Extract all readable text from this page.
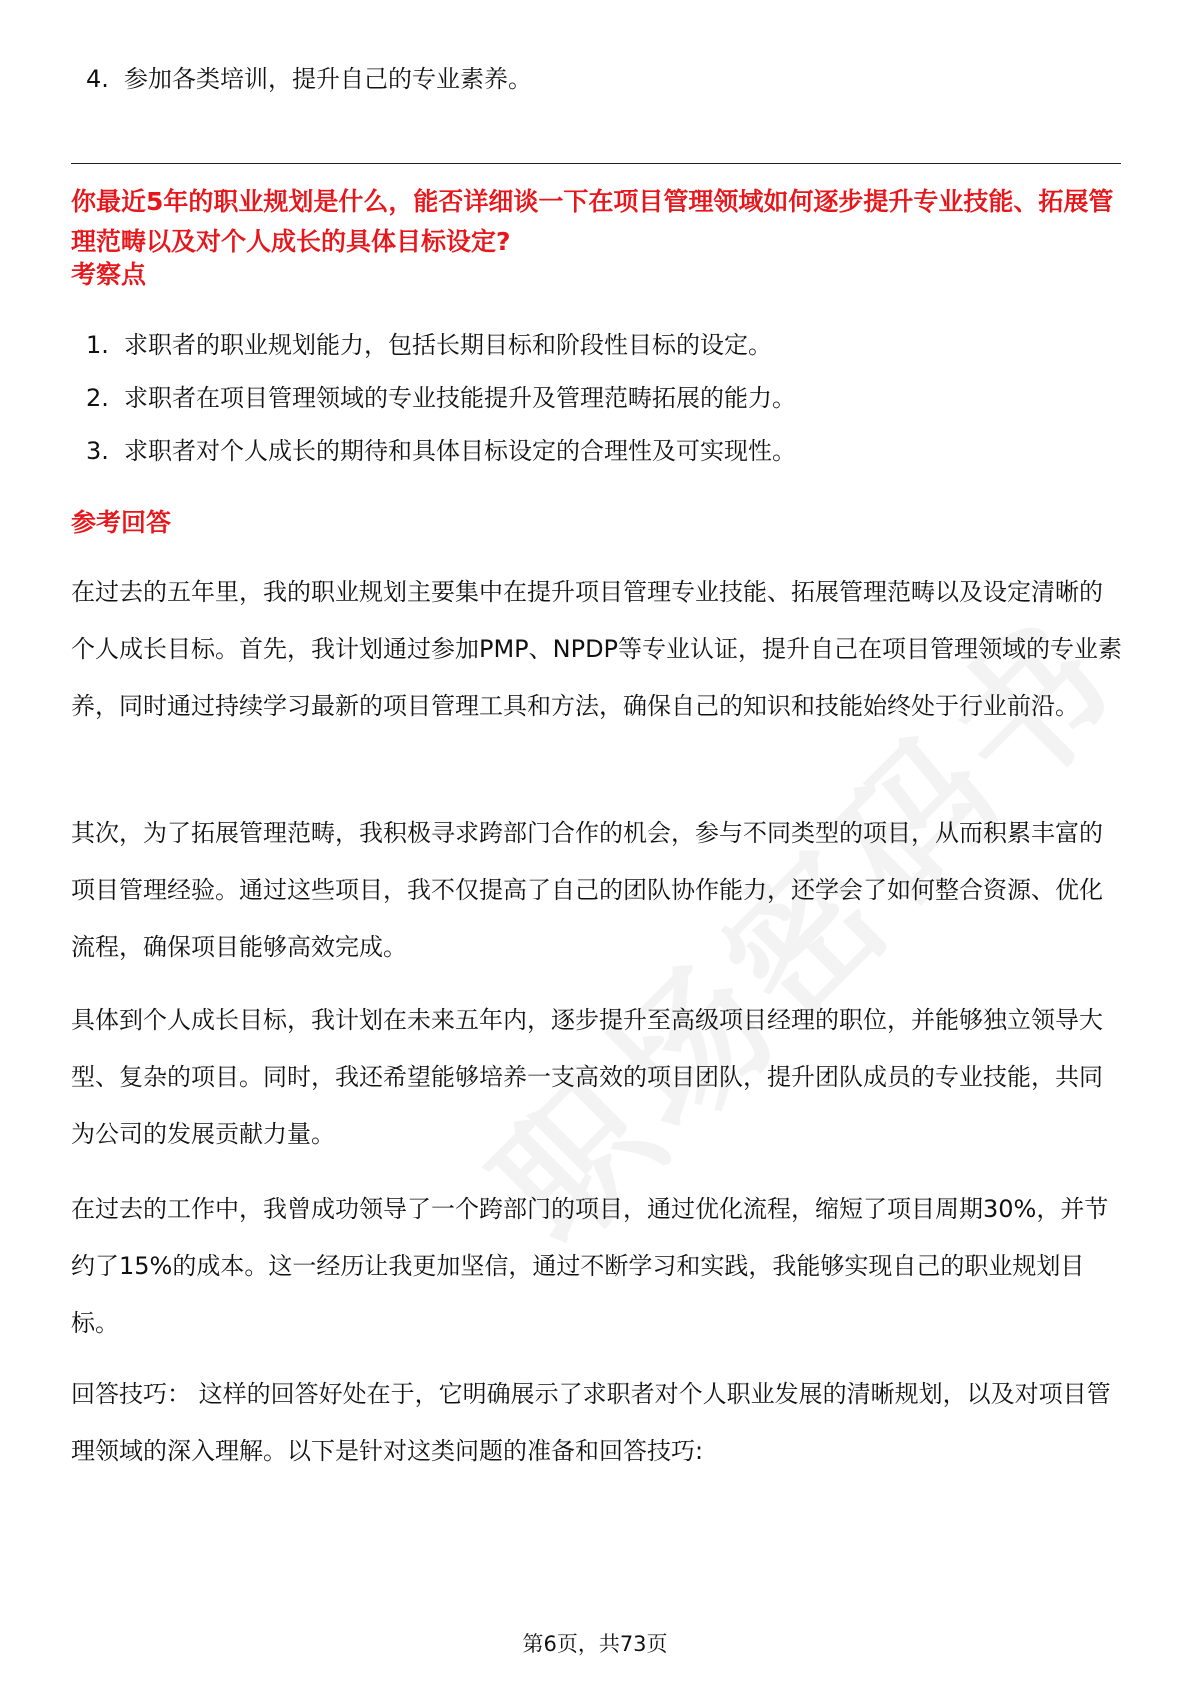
4. 参加各类培训，提升自己的专业素养。
你最近5年的职业规划是什么，能否详细谈一下在项目管理领域如何逐步提升专业技能、拓展管理范畴以及对个人成长的具体目标设定?
考察点
1. 求职者的职业规划能力，包括长期目标和阶段性目标的设定。
2. 求职者在项目管理领域的专业技能提升及管理范畴拓展的能力。
3. 求职者对个人成长的期待和具体目标设定的合理性及可实现性。
参考回答
在过去的五年里，我的职业规划主要集中在提升项目管理专业技能、拓展管理范畴以及设定清晰的个人成长目标。首先，我计划通过参加PMP、NPDP等专业认证，提升自己在项目管理领域的专业素养，同时通过持续学习最新的项目管理工具和方法，确保自己的知识和技能始终处于行业前沿。
其次，为了拓展管理范畴，我积极寻求跨部门合作的机会，参与不同类型的项目，从而积累丰富的项目管理经验。通过这些项目，我不仅提高了自己的团队协作能力，还学会了如何整合资源、优化流程，确保项目能够高效完成。
具体到个人成长目标，我计划在未来五年内，逐步提升至高级项目经理的职位，并能够独立领导大型、复杂的项目。同时，我还希望能够培养一支高效的项目团队，提升团队成员的专业技能，共同为公司的发展贡献力量。
在过去的工作中，我曾成功领导了一个跨部门的项目，通过优化流程，缩短了项目周期30%，并节约了15%的成本。这一经历让我更加坚信，通过不断学习和实践，我能够实现自己的职业规划目标。
回答技巧： 这样的回答好处在于，它明确展示了求职者对个人职业发展的清晰规划，以及对项目管理领域的深入理解。以下是针对这类问题的准备和回答技巧:
第6页，共73页
